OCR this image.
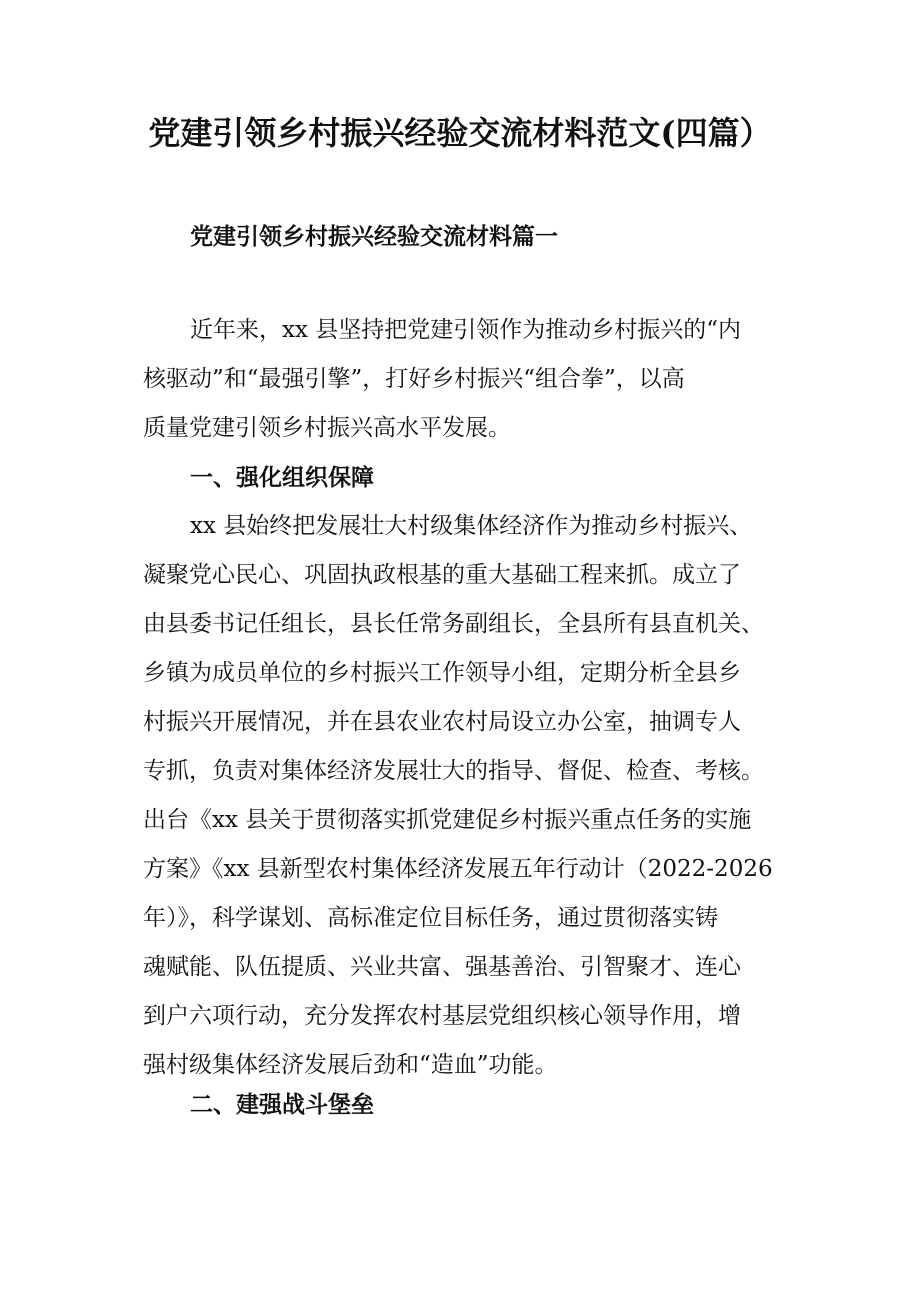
党建引领乡村振兴经验交流材料范文(四篇）
党建引领乡村振兴经验交流材料篇一
近年来，xx 县坚持把党建引领作为推动乡村振兴的“内
核驱动”和“最强引擎”，打好乡村振兴“组合拳”，以高
质量党建引领乡村振兴高水平发展。
一、强化组织保障
xx 县始终把发展壮大村级集体经济作为推动乡村振兴、
凝聚党心民心、巩固执政根基的重大基础工程来抓。成立了
由县委书记任组长，县长任常务副组长，全县所有县直机关、
乡镇为成员单位的乡村振兴工作领导小组，定期分析全县乡
村振兴开展情况，并在县农业农村局设立办公室，抽调专人
专抓，负责对集体经济发展壮大的指导、督促、检查、考核。
出台《xx 县关于贯彻落实抓党建促乡村振兴重点任务的实施
方案》《xx 县新型农村集体经济发展五年行动计（2022-2026
年）》，科学谋划、高标准定位目标任务，通过贯彻落实铸
魂赋能、队伍提质、兴业共富、强基善治、引智聚才、连心
到户六项行动，充分发挥农村基层党组织核心领导作用，增
强村级集体经济发展后劲和“造血”功能。
二、建强战斗堡垒
